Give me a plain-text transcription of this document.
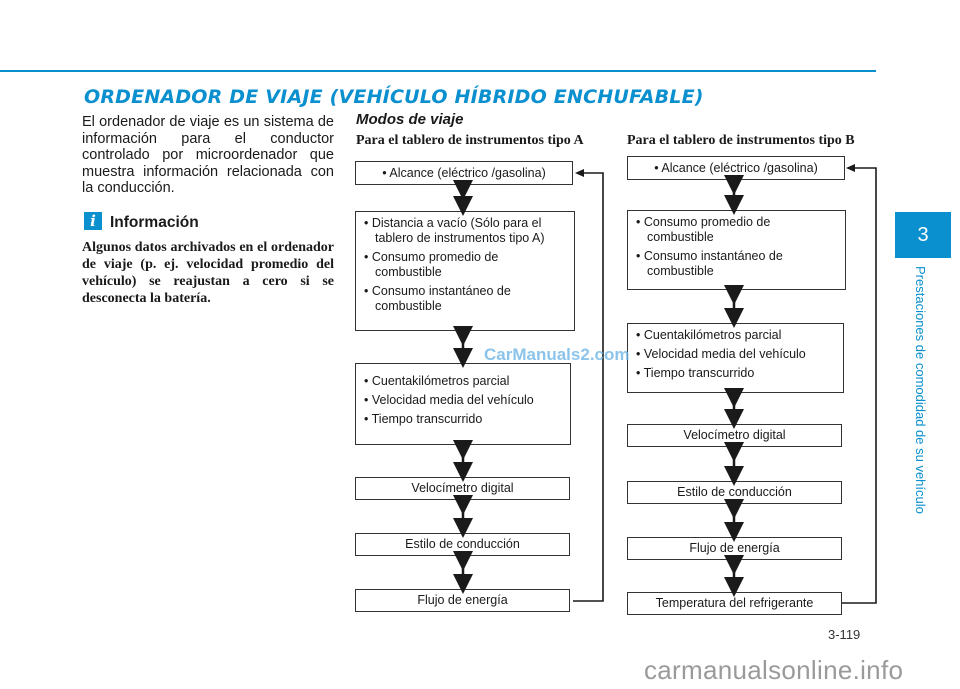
ORDENADOR DE VIAJE (VEHÍCULO HÍBRIDO ENCHUFABLE)
El ordenador de viaje es un sistema de información para el conductor controlado por microordenador que muestra información relacionada con la conducción.
i Información
Algunos datos archivados en el ordenador de viaje (p. ej. velocidad promedio del vehículo) se reajustan a cero si se desconecta la batería.
Modos de viaje
Para el tablero de instrumentos tipo A	Para el tablero de instrumentos tipo B
• Alcance (eléctrico /gasolina)
• Distancia a vacío (Sólo para el tablero de instrumentos tipo A)
• Consumo promedio de combustible
• Consumo instantáneo de combustible
• Cuentakilómetros parcial
• Velocidad media del vehículo
• Tiempo transcurrido
Velocímetro digital
Estilo de conducción
Flujo de energía
• Alcance (eléctrico /gasolina)
• Consumo promedio de combustible
• Consumo instantáneo de combustible
• Cuentakilómetros parcial
• Velocidad media del vehículo
• Tiempo transcurrido
Velocímetro digital
Estilo de conducción
Flujo de energía
Temperatura del refrigerante
3
Prestaciones de comodidad de su vehículo
3-119
CarManuals2.com
carmanualsonline.info
